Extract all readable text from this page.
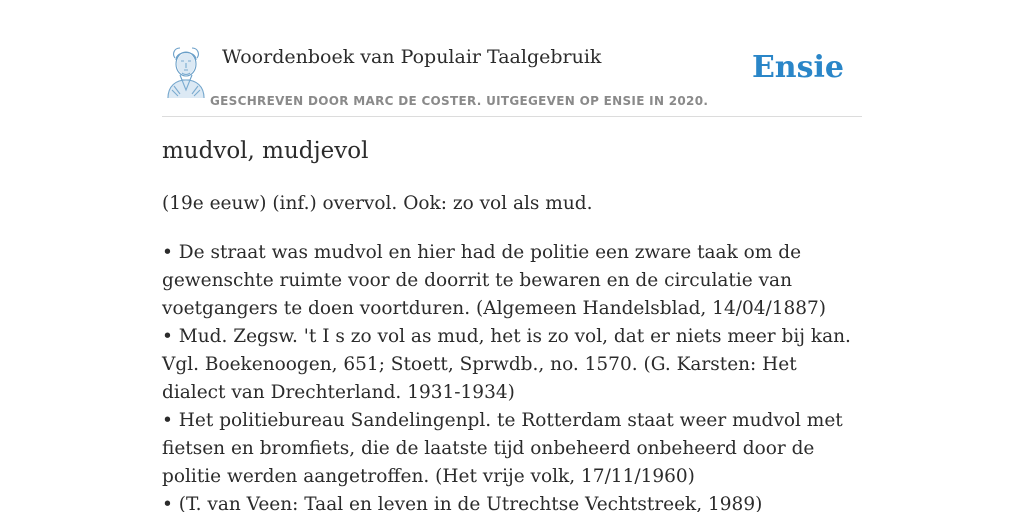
Woordenboek van Populair Taalgebruik
GESCHREVEN DOOR MARC DE COSTER. UITGEGEVEN OP ENSIE IN 2020.
Ensie
mudvol, mudjevol

(19e eeuw) (inf.) overvol. Ook: zo vol als mud.

• De straat was mudvol en hier had de politie een zware taak om de gewenschte ruimte voor de doorrit te bewaren en de circulatie van voetgangers te doen voortduren. (Algemeen Handelsblad, 14/04/1887)
• Mud. Zegsw. 't I s zo vol as mud, het is zo vol, dat er niets meer bij kan. Vgl. Boekenoogen, 651; Stoett, Sprwdb., no. 1570. (G. Karsten: Het dialect van Drechterland. 1931-1934)
• Het politiebureau Sandelingenpl. te Rotterdam staat weer mudvol met fietsen en bromfiets, die de laatste tijd onbeheerd onbeheerd door de politie werden aangetroffen. (Het vrije volk, 17/11/1960)
• (T. van Veen: Taal en leven in de Utrechtse Vechtstreek, 1989)
